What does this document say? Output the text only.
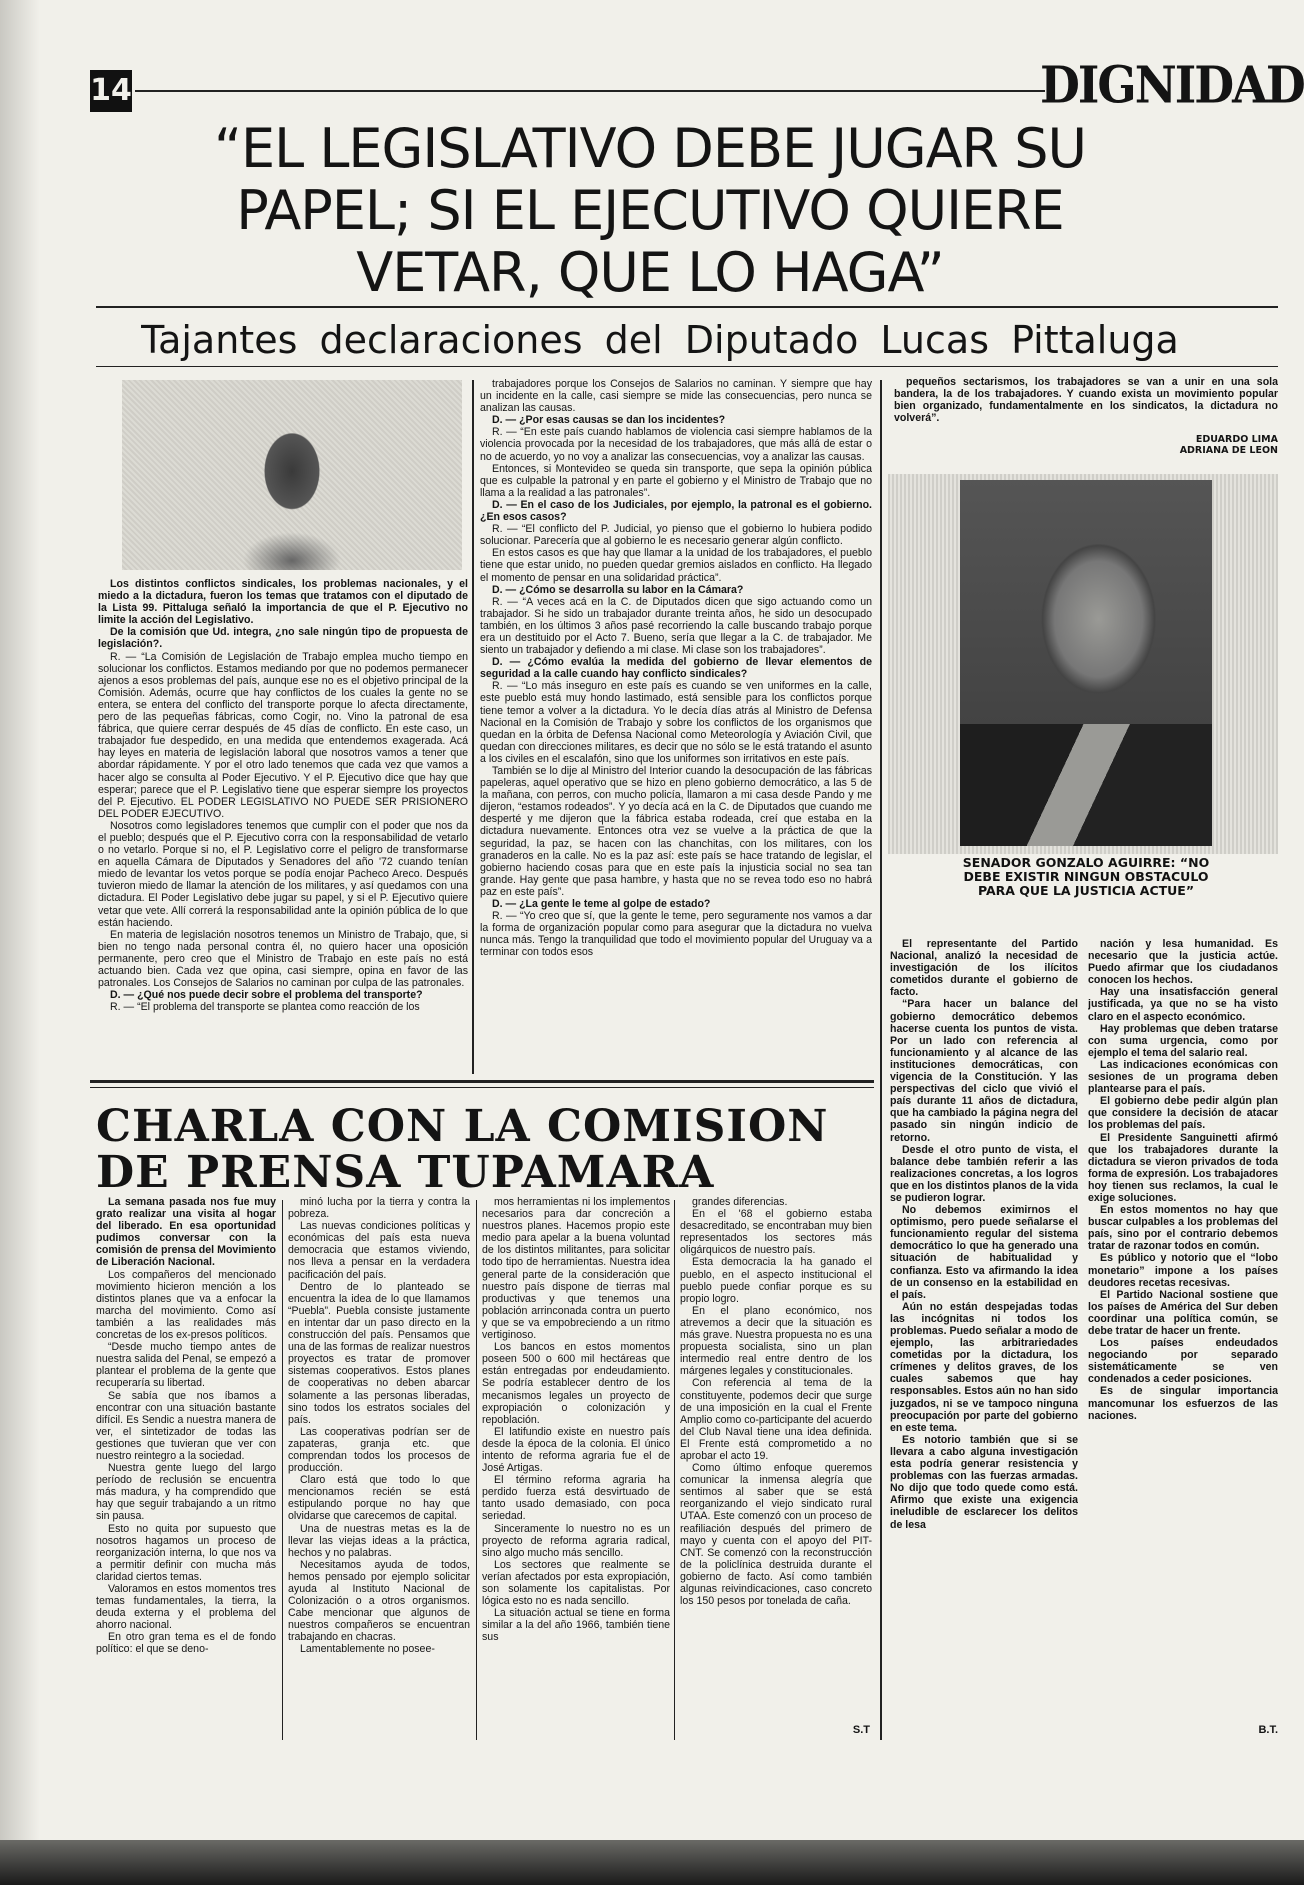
14	DIGNIDAD
“EL LEGISLATIVO DEBE JUGAR SU
PAPEL; SI EL EJECUTIVO QUIERE
VETAR, QUE LO HAGA”
Tajantes declaraciones del Diputado Lucas Pittaluga

Los distintos conflictos sindicales, los problemas nacionales, y el miedo a la dictadura, fueron los temas que tratamos con el diputado de la Lista 99. Pittaluga señaló la importancia de que el P. Ejecutivo no limite la acción del Legislativo.

De la comisión que Ud. integra, ¿no sale ningún tipo de propuesta de legislación?.

R. — “La Comisión de Legislación de Trabajo emplea mucho tiempo en solucionar los conflictos. Estamos mediando por que no podemos permanecer ajenos a esos problemas del país, aunque ese no es el objetivo principal de la Comisión. Además, ocurre que hay conflictos de los cuales la gente no se entera, se entera del conflicto del transporte porque lo afecta directamente, pero de las pequeñas fábricas, como Cogir, no. Vino la patronal de esa fábrica, que quiere cerrar después de 45 días de conflicto. En este caso, un trabajador fue despedido, en una medida que entendemos exagerada. Acá hay leyes en materia de legislación laboral que nosotros vamos a tener que abordar rápidamente. Y por el otro lado tenemos que cada vez que vamos a hacer algo se consulta al Poder Ejecutivo. Y el P. Ejecutivo dice que hay que esperar; parece que el P. Legislativo tiene que esperar siempre los proyectos del P. Ejecutivo. EL PODER LEGISLATIVO NO PUEDE SER PRISIONERO DEL PODER EJECUTIVO.

Nosotros como legisladores tenemos que cumplir con el poder que nos da el pueblo; después que el P. Ejecutivo corra con la responsabilidad de vetarlo o no vetarlo. Porque si no, el P. Legislativo corre el peligro de transformarse en aquella Cámara de Diputados y Senadores del año '72 cuando tenían miedo de levantar los vetos porque se podía enojar Pacheco Areco. Después tuvieron miedo de llamar la atención de los militares, y así quedamos con una dictadura. El Poder Legislativo debe jugar su papel, y si el P. Ejecutivo quiere vetar que vete. Allí correrá la responsabilidad ante la opinión pública de lo que están haciendo.

En materia de legislación nosotros tenemos un Ministro de Trabajo, que, si bien no tengo nada personal contra él, no quiero hacer una oposición permanente, pero creo que el Ministro de Trabajo en este país no está actuando bien. Cada vez que opina, casi siempre, opina en favor de las patronales. Los Consejos de Salarios no caminan por culpa de las patronales.

D. — ¿Qué nos puede decir sobre el problema del transporte?

R. — “El problema del transporte se plantea como reacción de los

trabajadores porque los Consejos de Salarios no caminan. Y siempre que hay un incidente en la calle, casi siempre se mide las consecuencias, pero nunca se analizan las causas.

D. — ¿Por esas causas se dan los incidentes?

R. — “En este país cuando hablamos de violencia casi siempre hablamos de la violencia provocada por la necesidad de los trabajadores, que más allá de estar o no de acuerdo, yo no voy a analizar las consecuencias, voy a analizar las causas.

Entonces, si Montevideo se queda sin transporte, que sepa la opinión pública que es culpable la patronal y en parte el gobierno y el Ministro de Trabajo que no llama a la realidad a las patronales”.

D. — En el caso de los Judiciales, por ejemplo, la patronal es el gobierno. ¿En esos casos?

R. — “El conflicto del P. Judicial, yo pienso que el gobierno lo hubiera podido solucionar. Parecería que al gobierno le es necesario generar algún conflicto.

En estos casos es que hay que llamar a la unidad de los trabajadores, el pueblo tiene que estar unido, no pueden quedar gremios aislados en conflicto. Ha llegado el momento de pensar en una solidaridad práctica”.

D. — ¿Cómo se desarrolla su labor en la Cámara?

R. — “A veces acá en la C. de Diputados dicen que sigo actuando como un trabajador. Si he sido un trabajador durante treinta años, he sido un desocupado también, en los últimos 3 años pasé recorriendo la calle buscando trabajo porque era un destituido por el Acto 7. Bueno, sería que llegar a la C. de trabajador. Me siento un trabajador y defiendo a mi clase. Mi clase son los trabajadores”.

D. — ¿Cómo evalúa la medida del gobierno de llevar elementos de seguridad a la calle cuando hay conflicto sindicales?

R. — “Lo más inseguro en este país es cuando se ven uniformes en la calle, este pueblo está muy hondo lastimado, está sensible para los conflictos porque tiene temor a volver a la dictadura. Yo le decía días atrás al Ministro de Defensa Nacional en la Comisión de Trabajo y sobre los conflictos de los organismos que quedan en la órbita de Defensa Nacional como Meteorología y Aviación Civil, que quedan con direcciones militares, es decir que no sólo se le está tratando el asunto a los civiles en el escalafón, sino que los uniformes son irritativos en este país.

También se lo dije al Ministro del Interior cuando la desocupación de las fábricas papeleras, aquel operativo que se hizo en pleno gobierno democrático, a las 5 de la mañana, con perros, con mucho policía, llamaron a mi casa desde Pando y me dijeron, “estamos rodeados”. Y yo decía acá en la C. de Diputados que cuando me desperté y me dijeron que la fábrica estaba rodeada, creí que estaba en la dictadura nuevamente. Entonces otra vez se vuelve a la práctica de que la seguridad, la paz, se hacen con las chanchitas, con los militares, con los granaderos en la calle. No es la paz así: este país se hace tratando de legislar, el gobierno haciendo cosas para que en este país la injusticia social no sea tan grande. Hay gente que pasa hambre, y hasta que no se revea todo eso no habrá paz en este país”.

D. — ¿La gente le teme al golpe de estado?

R. — “Yo creo que sí, que la gente le teme, pero seguramente nos vamos a dar la forma de organización popular como para asegurar que la dictadura no vuelva nunca más. Tengo la tranquilidad que todo el movimiento popular del Uruguay va a terminar con todos esos

pequeños sectarismos, los trabajadores se van a unir en una sola bandera, la de los trabajadores. Y cuando exista un movimiento popular bien organizado, fundamentalmente en los sindicatos, la dictadura no volverá”.

EDUARDO LIMA
ADRIANA DE LEON
SENADOR GONZALO AGUIRRE: “NO DEBE EXISTIR NINGUN OBSTACULO PARA QUE LA JUSTICIA ACTUE”

El representante del Partido Nacional, analizó la necesidad de investigación de los ilícitos cometidos durante el gobierno de facto.

“Para hacer un balance del gobierno democrático debemos hacerse cuenta los puntos de vista. Por un lado con referencia al funcionamiento y al alcance de las instituciones democráticas, con vigencia de la Constitución. Y las perspectivas del ciclo que vivió el país durante 11 años de dictadura, que ha cambiado la página negra del pasado sin ningún indicio de retorno.

Desde el otro punto de vista, el balance debe también referir a las realizaciones concretas, a los logros que en los distintos planos de la vida se pudieron lograr.

No debemos eximirnos el optimismo, pero puede señalarse el funcionamiento regular del sistema democrático lo que ha generado una situación de habitualidad y confianza. Esto va afirmando la idea de un consenso en la estabilidad en el país.

Aún no están despejadas todas las incógnitas ni todos los problemas. Puedo señalar a modo de ejemplo, las arbitrariedades cometidas por la dictadura, los crímenes y delitos graves, de los cuales sabemos que hay responsables. Estos aún no han sido juzgados, ni se ve tampoco ninguna preocupación por parte del gobierno en este tema.

Es notorio también que si se llevara a cabo alguna investigación esta podría generar resistencia y problemas con las fuerzas armadas. No dijo que todo quede como está. Afirmo que existe una exigencia ineludible de esclarecer los delitos de lesa

nación y lesa humanidad. Es necesario que la justicia actúe. Puedo afirmar que los ciudadanos conocen los hechos.

Hay una insatisfacción general justificada, ya que no se ha visto claro en el aspecto económico.

Hay problemas que deben tratarse con suma urgencia, como por ejemplo el tema del salario real.

Las indicaciones económicas con sesiones de un programa deben plantearse para el país.

El gobierno debe pedir algún plan que considere la decisión de atacar los problemas del país.

El Presidente Sanguinetti afirmó que los trabajadores durante la dictadura se vieron privados de toda forma de expresión. Los trabajadores hoy tienen sus reclamos, la cual le exige soluciones.

En estos momentos no hay que buscar culpables a los problemas del país, sino por el contrario debemos tratar de razonar todos en común.

Es público y notorio que el “lobo monetario” impone a los países deudores recetas recesivas.

El Partido Nacional sostiene que los países de América del Sur deben coordinar una política común, se debe tratar de hacer un frente.

Los países endeudados negociando por separado sistemáticamente se ven condenados a ceder posiciones.

Es de singular importancia mancomunar los esfuerzos de las naciones.

B.T.
CHARLA CON LA COMISION
DE PRENSA TUPAMARA

La semana pasada nos fue muy grato realizar una visita al hogar del liberado. En esa oportunidad pudimos conversar con la comisión de prensa del Movimiento de Liberación Nacional.

Los compañeros del mencionado movimiento hicieron mención a los distintos planes que va a enfocar la marcha del movimiento. Como así también a las realidades más concretas de los ex-presos políticos.

“Desde mucho tiempo antes de nuestra salida del Penal, se empezó a plantear el problema de la gente que recuperaría su libertad.

Se sabía que nos íbamos a encontrar con una situación bastante difícil. Es Sendic a nuestra manera de ver, el sintetizador de todas las gestiones que tuvieran que ver con nuestro reintegro a la sociedad.

Nuestra gente luego del largo período de reclusión se encuentra más madura, y ha comprendido que hay que seguir trabajando a un ritmo sin pausa.

Esto no quita por supuesto que nosotros hagamos un proceso de reorganización interna, lo que nos va a permitir definir con mucha más claridad ciertos temas.

Valoramos en estos momentos tres temas fundamentales, la tierra, la deuda externa y el problema del ahorro nacional.

En otro gran tema es el de fondo político: el que se deno-

minó lucha por la tierra y contra la pobreza.

Las nuevas condiciones políticas y económicas del país esta nueva democracia que estamos viviendo, nos lleva a pensar en la verdadera pacificación del país.

Dentro de lo planteado se encuentra la idea de lo que llamamos “Puebla”. Puebla consiste justamente en intentar dar un paso directo en la construcción del país. Pensamos que una de las formas de realizar nuestros proyectos es tratar de promover sistemas cooperativos. Estos planes de cooperativas no deben abarcar solamente a las personas liberadas, sino todos los estratos sociales del país.

Las cooperativas podrían ser de zapateras, granja etc. que comprendan todos los procesos de producción.

Claro está que todo lo que mencionamos recién se está estipulando porque no hay que olvidarse que carecemos de capital.

Una de nuestras metas es la de llevar las viejas ideas a la práctica, hechos y no palabras.

Necesitamos ayuda de todos, hemos pensado por ejemplo solicitar ayuda al Instituto Nacional de Colonización o a otros organismos. Cabe mencionar que algunos de nuestros compañeros se encuentran trabajando en chacras.

Lamentablemente no posee-

mos herramientas ni los implementos necesarios para dar concreción a nuestros planes. Hacemos propio este medio para apelar a la buena voluntad de los distintos militantes, para solicitar todo tipo de herramientas. Nuestra idea general parte de la consideración que nuestro país dispone de tierras mal productivas y que tenemos una población arrinconada contra un puerto y que se va empobreciendo a un ritmo vertiginoso.

Los bancos en estos momentos poseen 500 o 600 mil hectáreas que están entregadas por endeudamiento. Se podría establecer dentro de los mecanismos legales un proyecto de expropiación o colonización y repoblación.

El latifundio existe en nuestro país desde la época de la colonia. El único intento de reforma agraria fue el de José Artigas.

El término reforma agraria ha perdido fuerza está desvirtuado de tanto usado demasiado, con poca seriedad.

Sinceramente lo nuestro no es un proyecto de reforma agraria radical, sino algo mucho más sencillo.

Los sectores que realmente se verían afectados por esta expropiación, son solamente los capitalistas. Por lógica esto no es nada sencillo.

La situación actual se tiene en forma similar a la del año 1966, también tiene sus

grandes diferencias.

En el '68 el gobierno estaba desacreditado, se encontraban muy bien representados los sectores más oligárquicos de nuestro país.

Esta democracia la ha ganado el pueblo, en el aspecto institucional el pueblo puede confiar porque es su propio logro.

En el plano económico, nos atrevemos a decir que la situación es más grave. Nuestra propuesta no es una propuesta socialista, sino un plan intermedio real entre dentro de los márgenes legales y constitucionales.

Con referencia al tema de la constituyente, podemos decir que surge de una imposición en la cual el Frente Amplio como co-participante del acuerdo del Club Naval tiene una idea definida. El Frente está comprometido a no aprobar el acto 19.

Como último enfoque queremos comunicar la inmensa alegría que sentimos al saber que se está reorganizando el viejo sindicato rural UTAA. Este comenzó con un proceso de reafiliación después del primero de mayo y cuenta con el apoyo del PIT-CNT. Se comenzó con la reconstrucción de la policlínica destruida durante el gobierno de facto. Así como también algunas reivindicaciones, caso concreto los 150 pesos por tonelada de caña.

S.T
